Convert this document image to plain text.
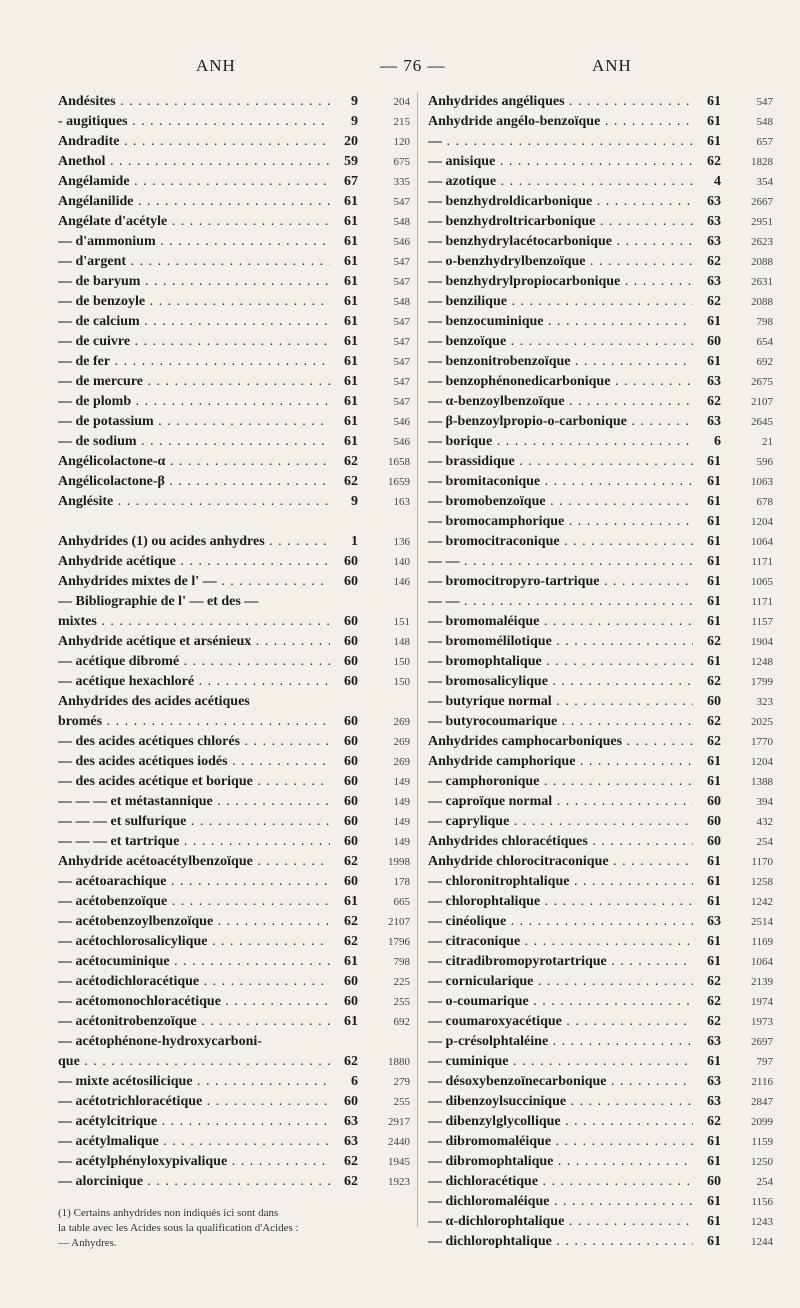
ANH	— 76 —	ANH
Andésites . . .	9	204
- augitiques . . .	9	215
Andradite . . .	20	120
Anethol . . .	59	675
Angélamide . . .	67	335
Angélanilide . . .	61	547
Angélate d'acétyle . . .	61	548
— d'ammonium . . .	61	546
— d'argent . . .	61	547
— de baryum . . .	61	547
— de benzoyle . . .	61	548
— de calcium . . .	61	547
— de cuivre . . .	61	547
— de fer . . .	61	547
— de mercure . . .	61	547
— de plomb . . .	61	547
— de potassium . . .	61	546
— de sodium . . .	61	546
Angélicolactone-α . . .	62	1658
Angélicolactone-β . . .	62	1659
Anglésite . . .	9	163
Anhydrides (1) ou acides anhydres . . .	1	136
Anhydride acétique . . .	60	140
Anhydrides mixtes de l' — . . .	60	146
— Bibliographie de l' — et des —
mixtes . . .	60	151
Anhydride acétique et arsénieux . . .	60	148
— acétique dibromé . . .	60	150
— acétique hexachloré . . .	60	150
Anhydrides des acides acétiques
bromés . . .	60	269
— des acides acétiques chlorés . . .	60	269
— des acides acétiques iodés . . .	60	269
— des acides acétique et borique . . .	60	149
— — — et métastannique . . .	60	149
— — — et sulfurique . . .	60	149
— — — et tartrique . . .	60	149
Anhydride acétoacétylbenzoïque . . .	62	1998
— acétoarachique . . .	60	178
— acétobenzoïque . . .	61	665
— acétobenzoylbenzoïque . . .	62	2107
— acétochlorosalicylique . . .	62	1796
— acétocuminique . . .	61	798
— acétodichloracétique . . .	60	225
— acétomonochloracétique . . .	60	255
— acétonitrobenzoïque . . .	61	692
— acétophénone-hydroxycarboni-
que . . .	62	1880
— mixte acétosilicique . . .	6	279
— acétotrichloracétique . . .	60	255
— acétylcitrique . . .	63	2917
— acétylmalique . . .	63	2440
— acétylphényloxypivalique . . .	62	1945
— alorcinique . . .	62	1923
(1) Certains anhydrides non indiqués ici sont dans
la table avec les Acides sous la qualification d'Acides :
— Anhydres.
Anhydrides angéliques . . .	61	547
Anhydride angélo-benzoïque . . .	61	548
— . . .	61	657
— anisique . . .	62	1828
— azotique . . .	4	354
— benzhydroldicarbonique . . .	63	2667
— benzhydroltricarbonique . . .	63	2951
— benzhydrylacétocarbonique . . .	63	2623
— o-benzhydrylbenzoïque . . .	62	2088
— benzhydrylpropiocarbonique . . .	63	2631
— benzilique . . .	62	2088
— benzocuminique . . .	61	798
— benzoïque . . .	60	654
— benzonitrobenzoïque . . .	61	692
— benzophénonedicarbonique . . .	63	2675
— α-benzoylbenzoïque . . .	62	2107
— β-benzoylpropio-o-carbonique . . .	63	2645
— borique . . .	6	21
— brassidique . . .	61	596
— bromitaconique . . .	61	1063
— bromobenzoïque . . .	61	678
— bromocamphorique . . .	61	1204
— bromocitraconique . . .	61	1064
— — . . .	61	1171
— bromocitropyro-tartrique . . .	61	1065
— — . . .	61	1171
— bromomaléique . . .	61	1157
— bromomélilotique . . .	62	1904
— bromophtalique . . .	61	1248
— bromosalicylique . . .	62	1799
— butyrique normal . . .	60	323
— butyrocoumarique . . .	62	2025
Anhydrides camphocarboniques . . .	62	1770
Anhydride camphorique . . .	61	1204
— camphoronique . . .	61	1388
— caproïque normal . . .	60	394
— caprylique . . .	60	432
Anhydrides chloracétiques . . .	60	254
Anhydride chlorocitraconique . . .	61	1170
— chloronitrophtalique . . .	61	1258
— chlorophtalique . . .	61	1242
— cinéolique . . .	63	2514
— citraconique . . .	61	1169
— citradibromopyrotartrique . . .	61	1064
— cornicularique . . .	62	2139
— o-coumarique . . .	62	1974
— coumaroxyacétique . . .	62	1973
— p-crésolphtaléine . . .	63	2697
— cuminique . . .	61	797
— désoxybenzoïnecarbonique . . .	63	2116
— dibenzoylsuccinique . . .	63	2847
— dibenzylglycollique . . .	62	2099
— dibromomaléique . . .	61	1159
— dibromophtalique . . .	61	1250
— dichloracétique . . .	60	254
— dichloromaléique . . .	61	1156
— α-dichlorophtalique . . .	61	1243
— dichlorophtalique . . .	61	1244
